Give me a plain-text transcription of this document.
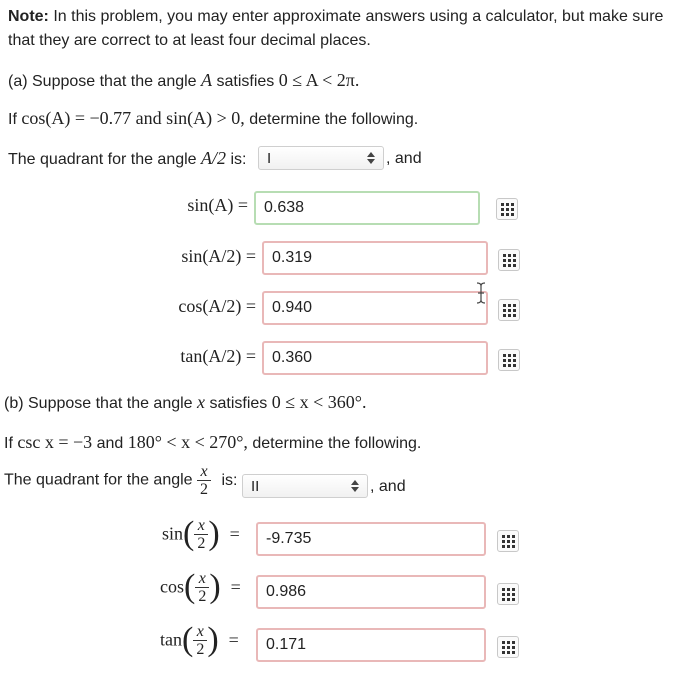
Note: In this problem, you may enter approximate answers using a calculator, but make sure
that they are correct to at least four decimal places.
(a) Suppose that the angle A satisfies 0 ≤ A < 2π.
If cos(A) = −0.77 and sin(A) > 0, determine the following.
The quadrant for the angle A/2 is:	I	, and
sin(A) = 0.638
sin(A/2) = 0.319
cos(A/2) = 0.940
tan(A/2) = 0.360
(b) Suppose that the angle x satisfies 0 ≤ x < 360°.
If csc x = −3 and 180° < x < 270°, determine the following.
The quadrant for the angle $\frac{x}{2}$ is: II	, and
$\sin( \frac{x}{2}$ ) = -9.735
$\cos( \frac{x}{2}$ ) = 0.986
$\tan( \frac{x}{2}$ ) = 0.171
